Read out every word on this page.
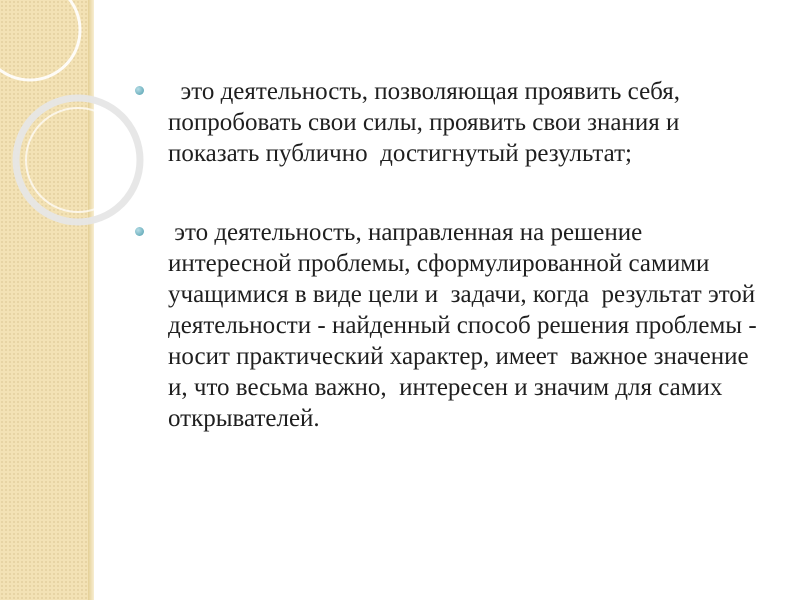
это деятельность, позволяющая проявить себя, попробовать свои силы, проявить свои знания и показать публично  достигнутый результат;
это деятельность, направленная на решение интересной проблемы, сформулированной самими учащимися в виде цели и  задачи, когда  результат этой деятельности - найденный способ решения проблемы - носит практический характер, имеет  важное значение и, что весьма важно,  интересен и значим для самих открывателей.
